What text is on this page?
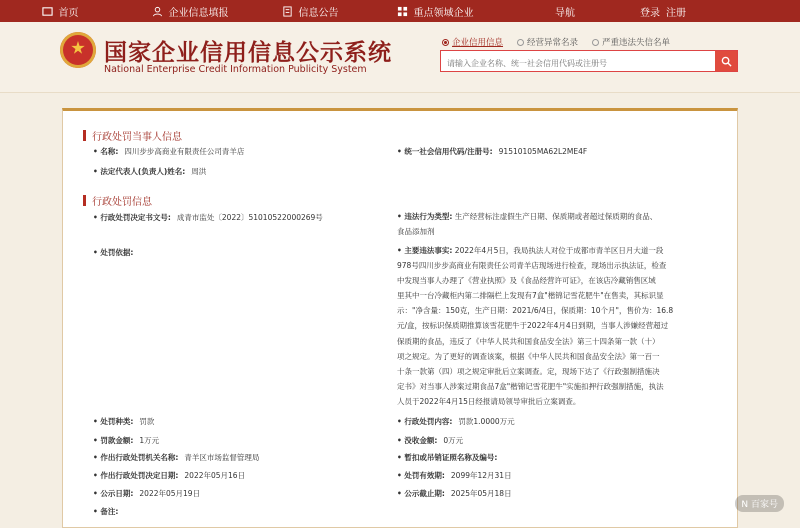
首页	企业信息填报	信息公告	重点领域企业	导航	登录 注册
国家企业信用信息公示系统
National Enterprise Credit Information Publicity System
企业信用信息	经营异常名录	严重违法失信名单
请输入企业名称、统一社会信用代码或注册号
行政处罚当事人信息
• 名称: 四川步步高商业有限责任公司青羊店	• 统一社会信用代码/注册号: 91510105MA62L2ME4F
• 法定代表人(负责人)姓名: 周洪
行政处罚信息
• 行政处罚决定书文号: 成青市监处〔2022〕51010522000269号	• 违法行为类型: 生产经营标注虚假生产日期、保质期或者超过保质期的食品、
食品添加剂
• 处罚依据:	• 主要违法事实: 2022年4月5日，我局执法人对位于成都市青羊区日月大道一段
978号四川步步高商业有限责任公司青羊店现场进行检查，现场出示执法证，检查
中发现当事人办理了《营业执照》及《食品经营许可证》，在该店冷藏销售区域
里其中一台冷藏柜内第二排隔栏上发现有7盒"楷锦记雪花肥牛"在售卖，其标识显
示："净含量：150克，生产日期：2021/6/4日，保质期：10个月"，售价为：16.8
元/盒，按标识保质期推算该雪花肥牛于2022年4月4日到期，当事人涉嫌经营超过
保质期的食品，违反了《中华人民共和国食品安全法》第三十四条第一款（十）
项之规定。为了更好的调查该案，根据《中华人民共和国食品安全法》第一百一
十条一款第（四）项之规定审批后立案调查。定，现场下达了《行政强制措施决
定书》对当事人涉案过期食品7盒"楷锦记雪花肥牛"实施扣押行政强制措施，执法
人员于2022年4月15日经报请局领导审批后立案调查。
• 处罚种类: 罚款	• 行政处罚内容: 罚款1.0000万元
• 罚款金额: 1万元	• 没收金额: 0万元
• 作出行政处罚机关名称: 青羊区市场监督管理局	• 暂扣或吊销证照名称及编号:
• 作出行政处罚决定日期: 2022年05月16日	• 处罚有效期: 2099年12月31日
• 公示日期: 2022年05月19日	• 公示截止期: 2025年05月18日
• 备注:
N 百家号
